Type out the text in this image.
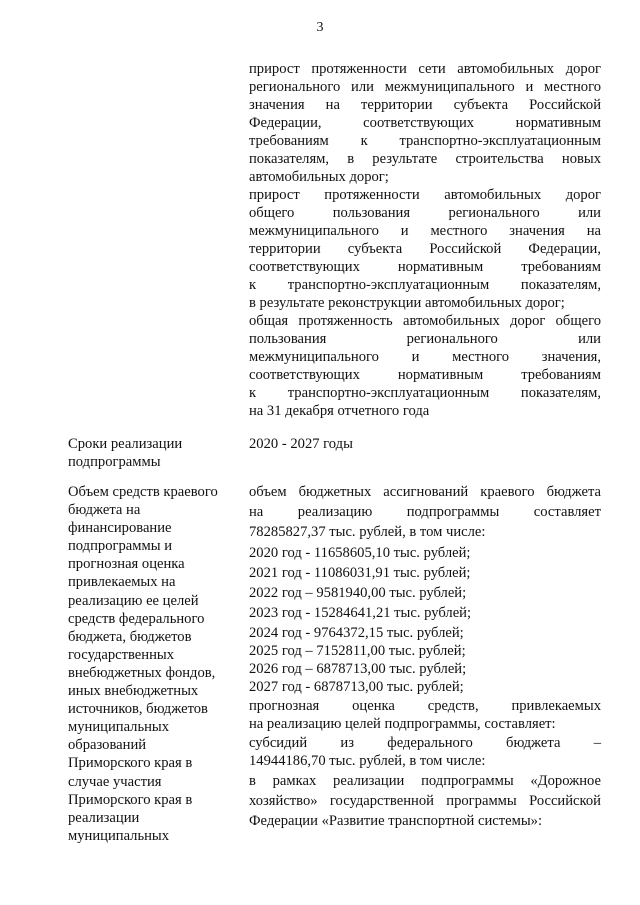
3
прирост протяженности сети автомобильных дорог
регионального или межмуниципального и местного
значения на территории субъекта Российской
Федерации, соответствующих нормативным
требованиям к транспортно-эксплуатационным
показателям, в результате строительства новых
автомобильных дорог;
прирост протяженности автомобильных дорог
общего пользования регионального или
межмуниципального и местного значения на
территории субъекта Российской Федерации,
соответствующих нормативным требованиям
к транспортно-эксплуатационным показателям,
в результате реконструкции автомобильных дорог;
общая протяженность автомобильных дорог общего
пользования регионального или
межмуниципального и местного значения,
соответствующих нормативным требованиям
к транспортно-эксплуатационным показателям,
на 31 декабря отчетного года
Сроки реализации
подпрограммы
2020 - 2027 годы
Объем средств краевого
бюджета на
финансирование
подпрограммы и
прогнозная оценка
привлекаемых на
реализацию ее целей
средств федерального
бюджета, бюджетов
государственных
внебюджетных фондов,
иных внебюджетных
источников, бюджетов
муниципальных
образований
Приморского края в
случае участия
Приморского края в
реализации
муниципальных
объем бюджетных ассигнований краевого бюджета
на реализацию подпрограммы составляет
78285827,37 тыс. рублей, в том числе:
2020 год - 11658605,10 тыс. рублей;
2021 год - 11086031,91 тыс. рублей;
2022 год – 9581940,00 тыс. рублей;
2023 год - 15284641,21 тыс. рублей;
2024 год - 9764372,15 тыс. рублей;
2025 год – 7152811,00 тыс. рублей;
2026 год – 6878713,00 тыс. рублей;
2027 год - 6878713,00 тыс. рублей;
прогнозная оценка средств, привлекаемых
на реализацию целей подпрограммы, составляет:
субсидий из федерального бюджета –
14944186,70 тыс. рублей, в том числе:
в рамках реализации подпрограммы «Дорожное
хозяйство» государственной программы Российской
Федерации «Развитие транспортной системы»:
